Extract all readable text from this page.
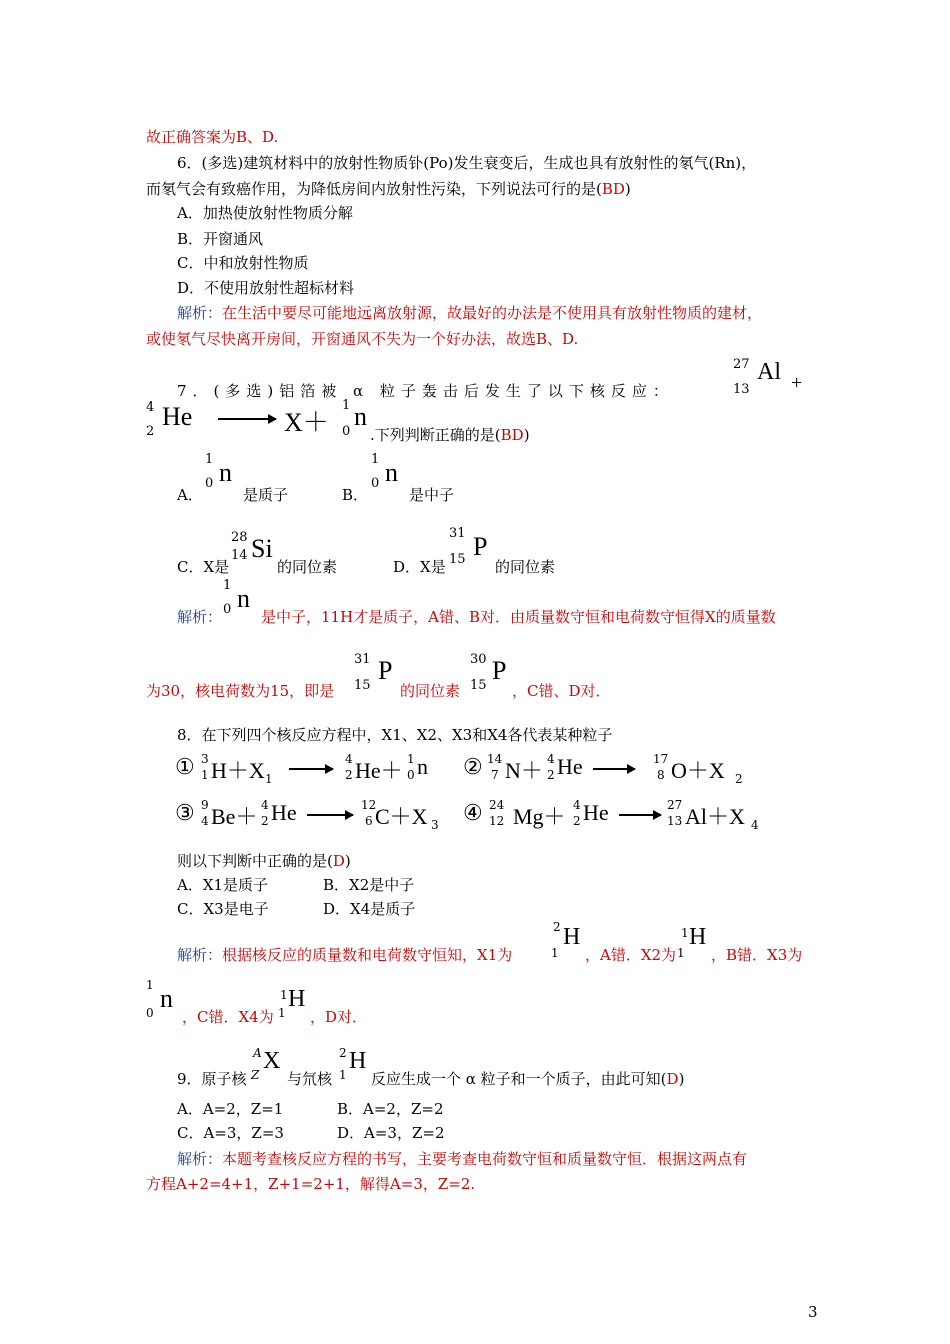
故正确答案为B、D.
6．(多选)建筑材料中的放射性物质钋(Po)发生衰变后，生成也具有放射性的氡气(Rn)，
而氡气会有致癌作用，为降低房间内放射性污染，下列说法可行的是(BD)
A．加热使放射性物质分解
B．开窗通风
C．中和放射性物质
D．不使用放射性超标材料
解析：在生活中要尽可能地远离放射源，故最好的办法是不使用具有放射性物质的建材，
或使氡气尽快离开房间，开窗通风不失为一个好办法，故选B、D.
7．(多选)铝箔被 α 粒子轰击后发生了以下核反应：
27
13
Al +
4
2
He	X＋
1
0
n
.下列判断正确的是(BD)
A．
1
0 n
是质子	B．
1
0 n
是中子
C．X是
28
14 Si
的同位素	D．X是
31
15 P
的同位素
解析：
1
0 n
是中子，11H才是质子，A错、B对．由质量数守恒和电荷数守恒得X的质量数
为30，核电荷数为15，即是
31
15
P
的同位素
30
15
P
，C错、D对．
8．在下列四个核反应方程中，X1、X2、X3和X4各代表某种粒子
① 3
1 H＋X 1
4
2 He＋ 1
0 n ② 14
7 N＋ 4
2 He	17
8 O＋X 2
③ 9
4 Be＋ 4
2 He	12
6 C＋X 3 ④ 24
12 Mg＋ 4
2 He	27
13 Al＋X 4
则以下判断中正确的是(D)
A．X1是质子	B．X2是中子
C．X3是电子	D．X4是质子
解析：根据核反应的质量数和电荷数守恒知，X1为
2
1
H
，A错．X2为
1
1
H
，B错．X3为
1
0 n
，C错．X4为
1
1
H
，D对．
9．原子核
A
Z
X
与氘核
2
1
H
反应生成一个 α 粒子和一个质子，由此可知(D)
A．A=2，Z=1	B．A=2，Z=2
C．A=3，Z=3	D．A=3，Z=2
解析：本题考查核反应方程的书写，主要考查电荷数守恒和质量数守恒．根据这两点有
方程A+2=4+1，Z+1=2+1，解得A=3，Z=2.
3
